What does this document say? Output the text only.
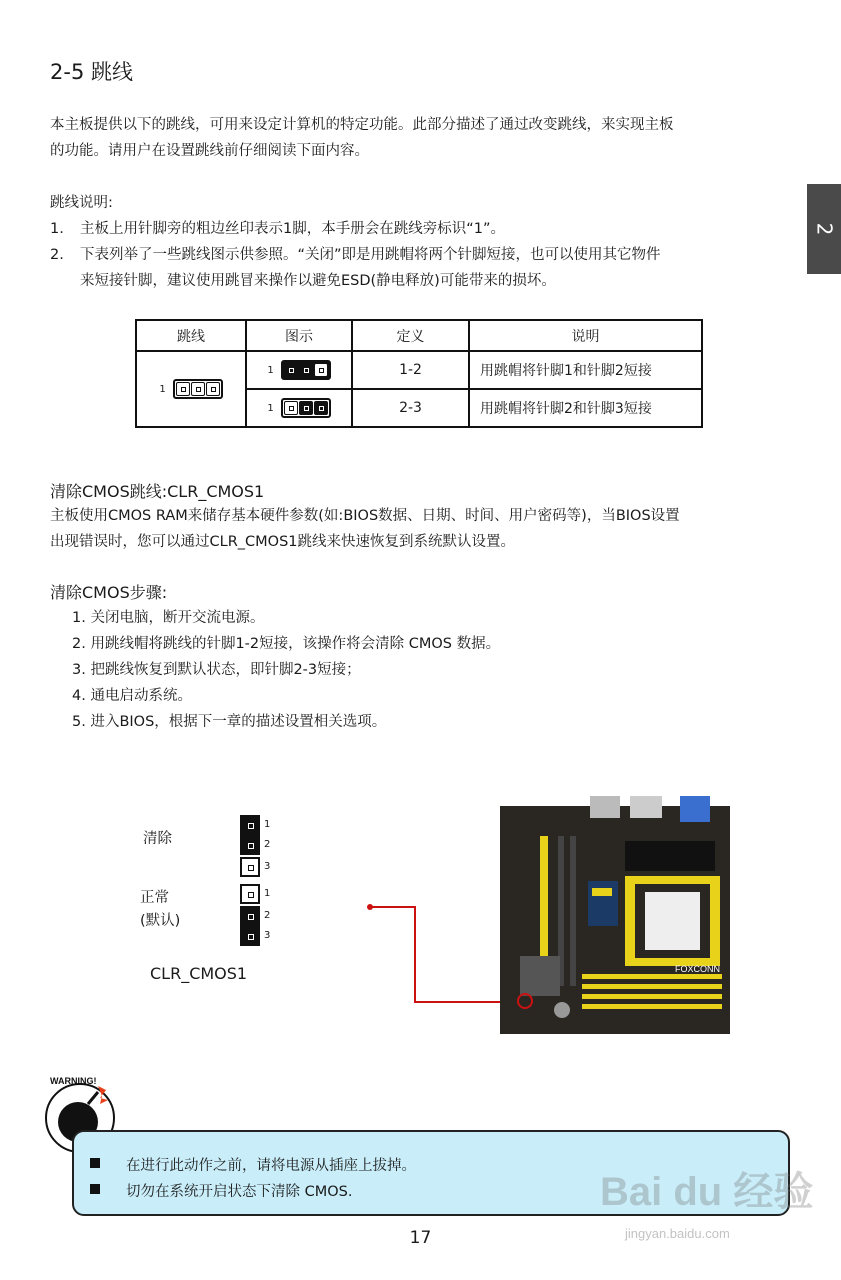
2-5 跳线
2
本主板提供以下的跳线，可用来设定计算机的特定功能。此部分描述了通过改变跳线，来实现主板
的功能。请用户在设置跳线前仔细阅读下面内容。
跳线说明:
1. 主板上用针脚旁的粗边丝印表示1脚，本手册会在跳线旁标识“1”。
2. 下表列举了一些跳线图示供参照。“关闭”即是用跳帽将两个针脚短接，也可以使用其它物件
来短接针脚，建议使用跳冒来操作以避免ESD(静电释放)可能带来的损坏。
跳线	图示	定义	说明

1	1	1-2	用跳帽将针脚1和针脚2短接

	1	2-3	用跳帽将针脚2和针脚3短接
清除CMOS跳线:CLR_CMOS1
主板使用CMOS RAM来储存基本硬件参数(如:BIOS数据、日期、时间、用户密码等)，当BIOS设置
出现错误时，您可以通过CLR_CMOS1跳线来快速恢复到系统默认设置。
清除CMOS步骤:
1. 关闭电脑，断开交流电源。
2. 用跳线帽将跳线的针脚1-2短接，该操作将会清除 CMOS 数据。
3. 把跳线恢复到默认状态，即针脚2-3短接；
4. 通电启动系统。
5. 进入BIOS，根据下一章的描述设置相关选项。
清除
正常
(默认)
1
2
3
1
2
3
CLR_CMOS1	FOXCONN
WARNING!
在进行此动作之前，请将电源从插座上拔掉。
切勿在系统开启状态下清除 CMOS.	Bai du 经验
jingyan.baidu.com
17
